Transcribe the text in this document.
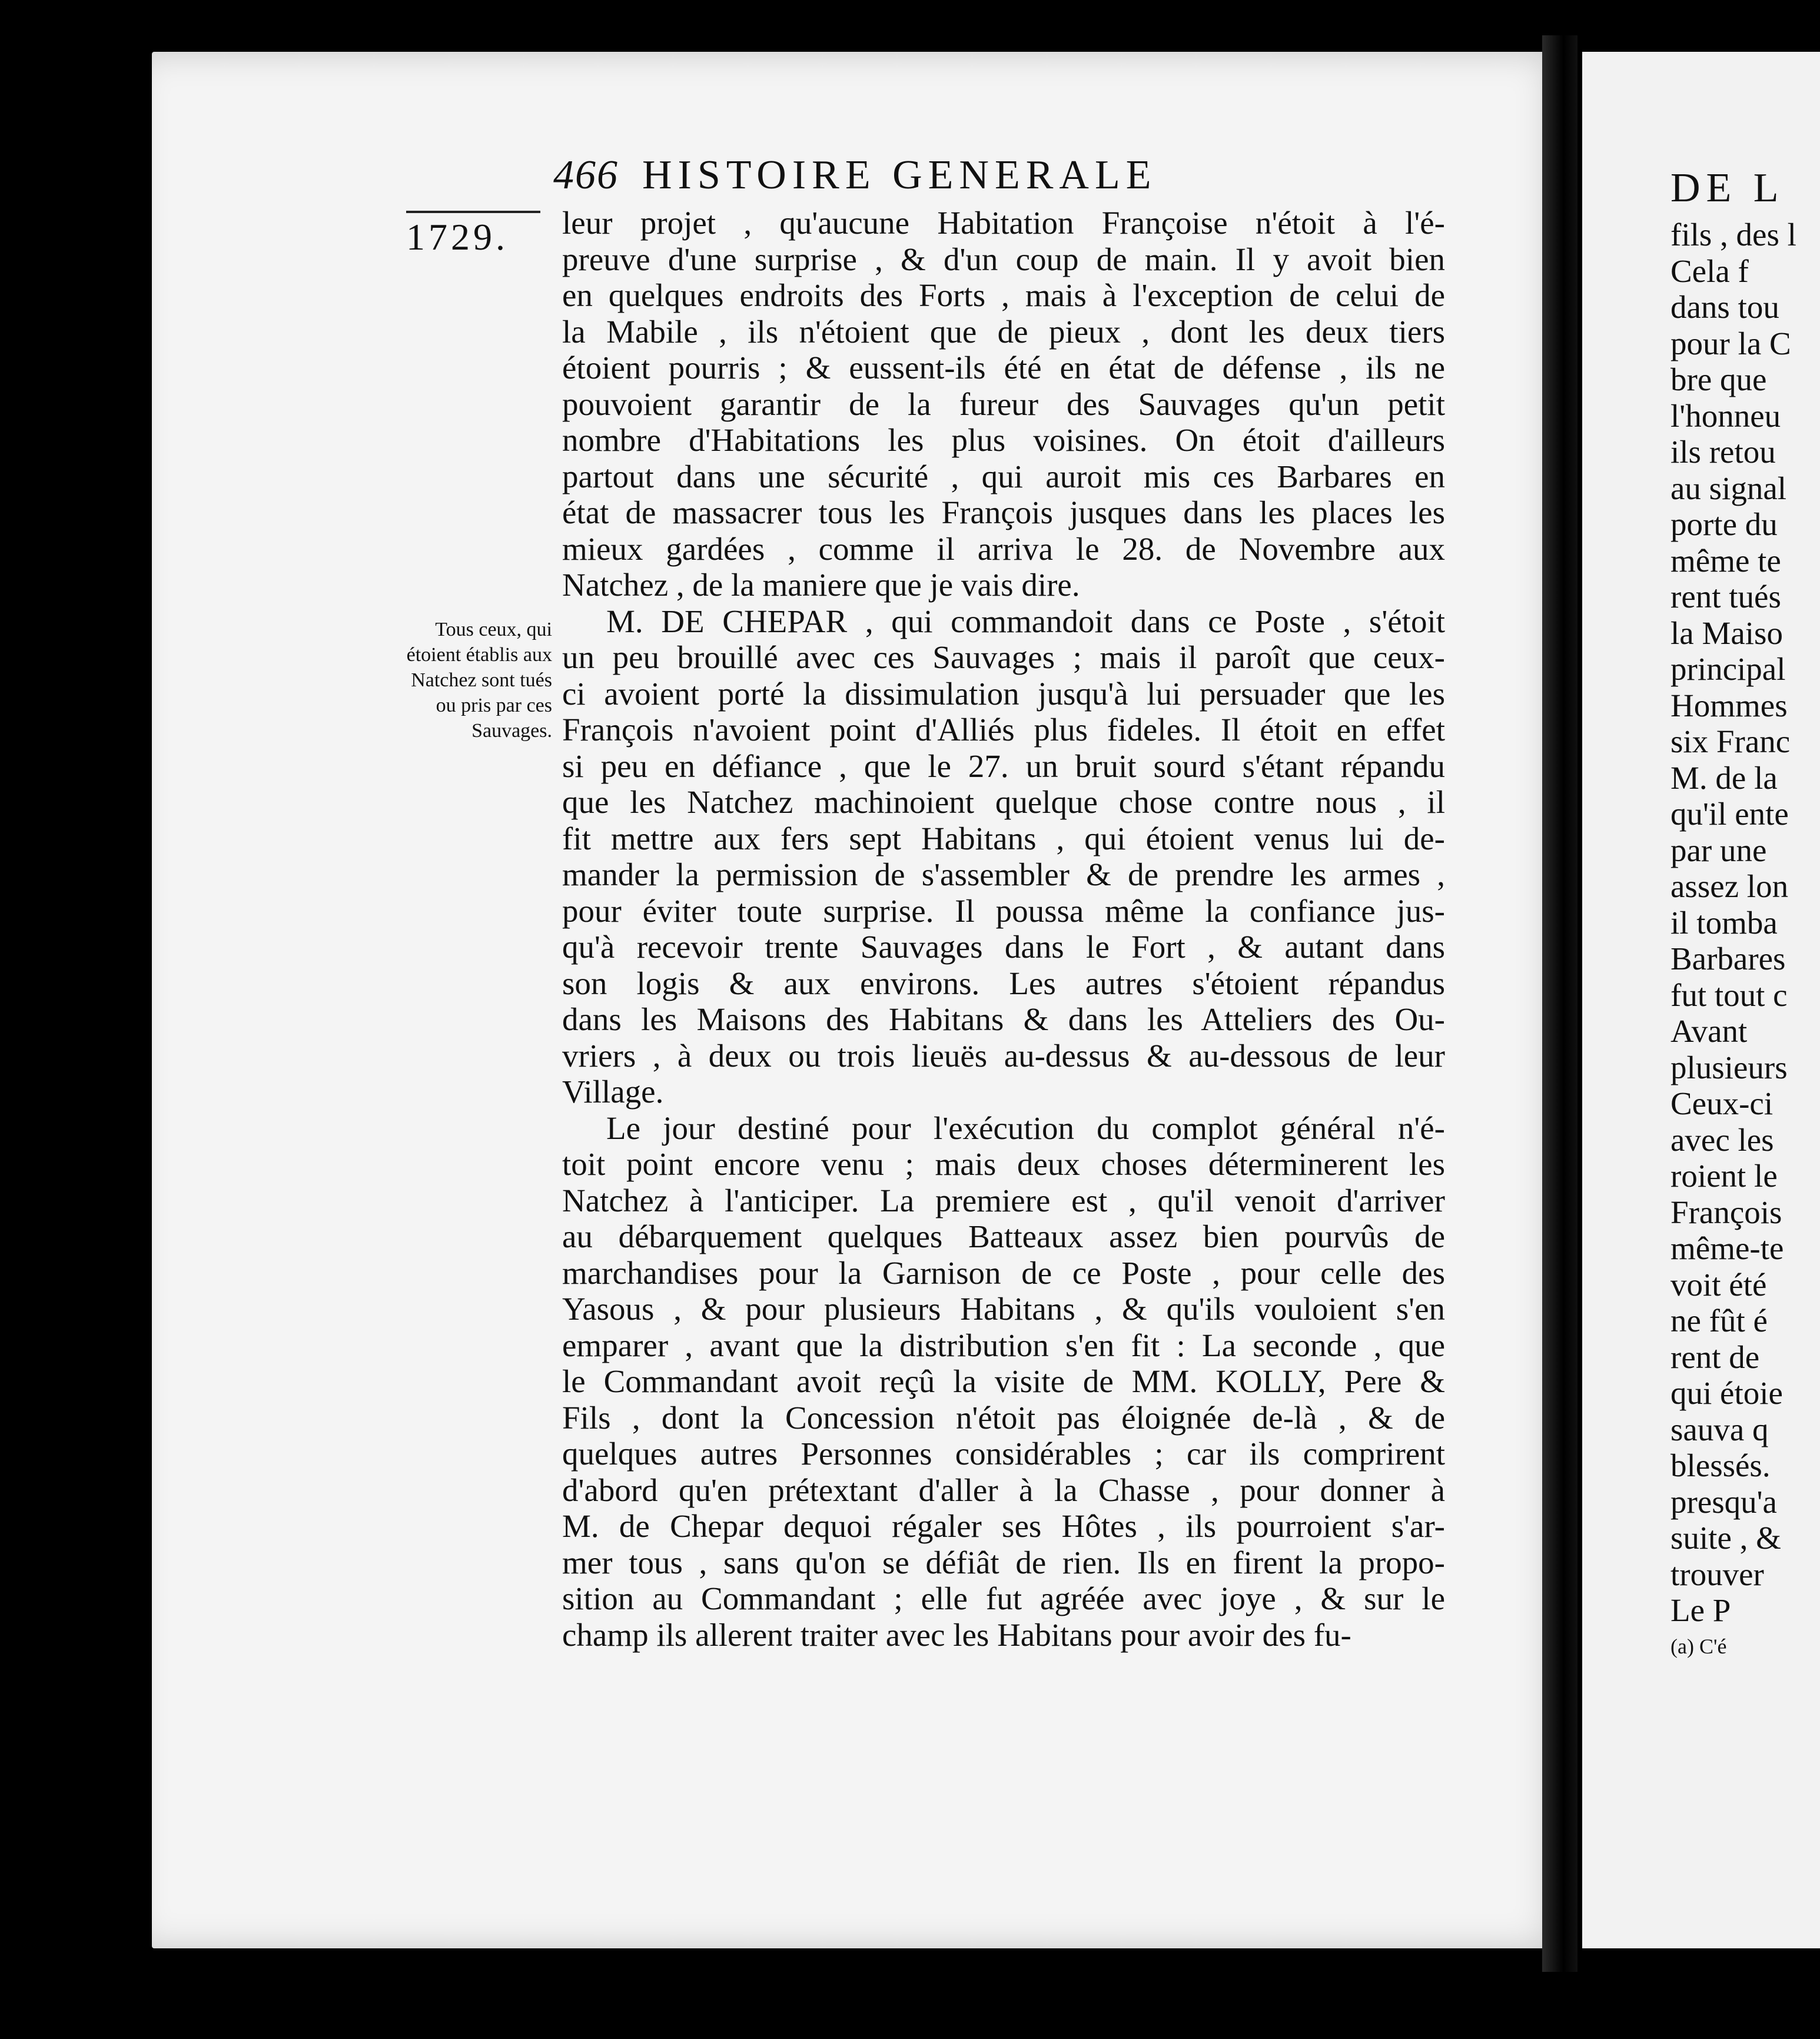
466 HISTOIRE GENERALE
1729.
Tous ceux, qui étoient établis aux Natchez sont tués ou pris par ces Sauvages.
leur projet , qu'aucune Habitation Françoise n'étoit à l'é-
preuve d'une surprise , & d'un coup de main. Il y avoit bien
en quelques endroits des Forts , mais à l'exception de celui de
la Mabile , ils n'étoient que de pieux , dont les deux tiers
étoient pourris ; & eussent-ils été en état de défense , ils ne
pouvoient garantir de la fureur des Sauvages qu'un petit
nombre d'Habitations les plus voisines. On étoit d'ailleurs
partout dans une sécurité , qui auroit mis ces Barbares en
état de massacrer tous les François jusques dans les places les
mieux gardées , comme il arriva le 28. de Novembre aux
Natchez , de la maniere que je vais dire.
M. DE CHEPAR , qui commandoit dans ce Poste , s'étoit
un peu brouillé avec ces Sauvages ; mais il paroît que ceux-
ci avoient porté la dissimulation jusqu'à lui persuader que les
François n'avoient point d'Alliés plus fideles. Il étoit en effet
si peu en défiance , que le 27. un bruit sourd s'étant répandu
que les Natchez machinoient quelque chose contre nous , il
fit mettre aux fers sept Habitans , qui étoient venus lui de-
mander la permission de s'assembler & de prendre les armes ,
pour éviter toute surprise. Il poussa même la confiance jus-
qu'à recevoir trente Sauvages dans le Fort , & autant dans
son logis & aux environs. Les autres s'étoient répandus
dans les Maisons des Habitans & dans les Atteliers des Ou-
vriers , à deux ou trois lieuës au-dessus & au-dessous de leur
Village.
Le jour destiné pour l'exécution du complot général n'é-
toit point encore venu ; mais deux choses déterminerent les
Natchez à l'anticiper. La premiere est , qu'il venoit d'arriver
au débarquement quelques Batteaux assez bien pourvûs de
marchandises pour la Garnison de ce Poste , pour celle des
Yasous , & pour plusieurs Habitans , & qu'ils vouloient s'en
emparer , avant que la distribution s'en fit : La seconde , que
le Commandant avoit reçû la visite de MM. KOLLY, Pere &
Fils , dont la Concession n'étoit pas éloignée de-là , & de
quelques autres Personnes considérables ; car ils comprirent
d'abord qu'en prétextant d'aller à la Chasse , pour donner à
M. de Chepar dequoi régaler ses Hôtes , ils pourroient s'ar-
mer tous , sans qu'on se défiât de rien. Ils en firent la propo-
sition au Commandant ; elle fut agréée avec joye , & sur le
champ ils allerent traiter avec les Habitans pour avoir des fu-
DE L
fils , des l
Cela f
dans tou
pour la C
bre que
l'honneu
ils retou
au signal
porte du
même te
rent tués
la Maiso
principal
Hommes
six Franc
M. de la
qu'il ente
par une
assez lon
il tomba
Barbares
fut tout c
Avant
plusieurs
Ceux-ci
avec les
roient le
François
même-te
voit été
ne fût é
rent de
qui étoie
sauva q
blessés.
presqu'a
suite , &
trouver
Le P
(a) C'é
